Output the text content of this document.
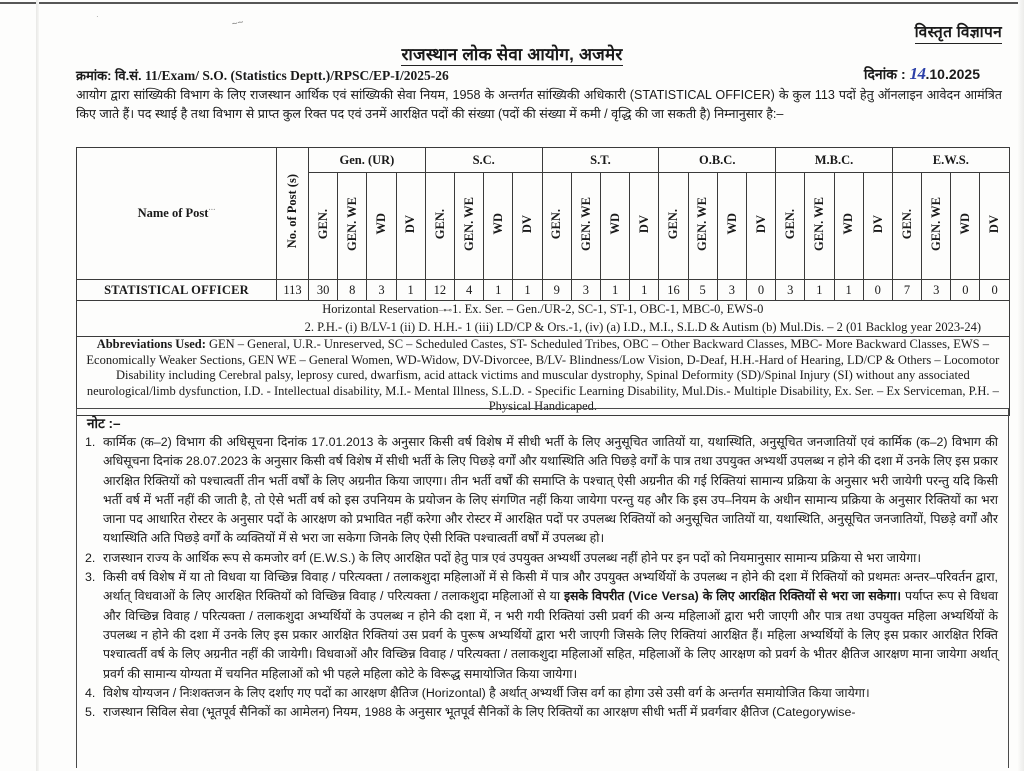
·
~~
विस्तृत विज्ञापन
राजस्थान लोक सेवा आयोग, अजमेर
क्रमांक: वि.सं. 11/Exam/ S.O. (Statistics Deptt.)/RPSC/EP-I/2025-26	दिनांक : 14.10.2025
आयोग द्वारा सांख्यिकी विभाग के लिए राजस्थान आर्थिक एवं सांख्यिकी सेवा नियम, 1958 के अन्तर्गत सांख्यिकी अधिकारी (STATISTICAL OFFICER) के कुल 113 पदों हेतु ऑनलाइन आवेदन आमंत्रित किए जाते हैं। पद स्थाई है तथा विभाग से प्राप्त कुल रिक्त पद एवं उनमें आरक्षित पदों की संख्या (पदों की संख्या में कमी / वृद्धि की जा सकती है) निम्नानुसार है:–
Name of Post···	No. of Post (s)	Gen. (UR)				S.C.				S.T.				O.B.C.				M.B.C.				E.W.S.			
		GEN.	GEN. WE	WD	DV	GEN.	GEN. WE	WD	DV	GEN.	GEN. WE	WD	DV	GEN.	GEN. WE	WD	DV	GEN.	GEN. WE	WD	DV	GEN.	GEN. WE	WD	DV
STATISTICAL OFFICER	113	30	8	3	1	12	4	1	1	9	3	1	1	16	5	3	0	3	1	1	0	7	3	0	0
Horizontal Reservation–⊷1. Ex. Ser. – Gen./UR-2, SC-1, ST-1, OBC-1, MBC-0, EWS-0
2. P.H.- (i) B/LV-1 (ii) D. H.H.- 1 (iii) LD/CP & Ors.-1, (iv) (a) I.D., M.I., S.L.D & Autism (b) Mul.Dis. – 2 (01 Backlog year 2023-24)																									

Abbreviations Used: GEN – General, U.R.- Unreserved, SC – Scheduled Castes, ST- Scheduled Tribes, OBC – Other Backward Classes, MBC- More Backward Classes, EWS – Economically Weaker Sections, GEN WE – General Women, WD-Widow, DV-Divorcee, B/LV- Blindness/Low Vision, D-Deaf, H.H.-Hard of Hearing, LD/CP & Others – Locomotor Disability including Cerebral palsy, leprosy cured, dwarfism, acid attack victims and muscular dystrophy, Spinal Deformity (SD)/Spinal Injury (SI) without any associated neurological/limb dysfunction, I.D. - Intellectual disability, M.I.- Mental Illness, S.L.D. - Specific Learning Disability, Mul.Dis.- Multiple Disability, Ex. Ser. – Ex Serviceman, P.H. – Physical Handicaped.																									
नोट :–
1. कार्मिक (क–2) विभाग की अधिसूचना दिनांक 17.01.2013 के अनुसार किसी वर्ष विशेष में सीधी भर्ती के लिए अनुसूचित जातियों या, यथास्थिति, अनुसूचित जनजातियों एवं कार्मिक (क–2) विभाग की अधिसूचना दिनांक 28.07.2023 के अनुसार किसी वर्ष विशेष में सीधी भर्ती के लिए पिछड़े वर्गों और यथास्थिति अति पिछड़े वर्गों के पात्र तथा उपयुक्त अभ्यर्थी उपलब्ध न होने की दशा में उनके लिए इस प्रकार आरक्षित रिक्तियों को पश्चात्वर्ती तीन भर्ती वर्षों के लिए अग्रनीत किया जाएगा। तीन भर्ती वर्षों की समाप्ति के पश्चात् ऐसी अग्रनीत की गई रिक्तियां सामान्य प्रक्रिया के अनुसार भरी जायेगी परन्तु यदि किसी भर्ती वर्ष में भर्ती नहीं की जाती है, तो ऐसे भर्ती वर्ष को इस उपनियम के प्रयोजन के लिए संगणित नहीं किया जायेगा परन्तु यह और कि इस उप–नियम के अधीन सामान्य प्रक्रिया के अनुसार रिक्तियों का भरा जाना पद आधारित रोस्टर के अनुसार पदों के आरक्षण को प्रभावित नहीं करेगा और रोस्टर में आरक्षित पदों पर उपलब्ध रिक्तियों को अनुसूचित जातियों या, यथास्थिति, अनुसूचित जनजातियों, पिछड़े वर्गों और यथास्थिति अति पिछड़े वर्गों के व्यक्तियों में से भरा जा सकेगा जिनके लिए ऐसी रिक्ति पश्चात्वर्ती वर्षों में उपलब्ध हो।
2. राजस्थान राज्य के आर्थिक रूप से कमजोर वर्ग (E.W.S.) के लिए आरक्षित पदों हेतु पात्र एवं उपयुक्त अभ्यर्थी उपलब्ध नहीं होने पर इन पदों को नियमानुसार सामान्य प्रक्रिया से भरा जायेगा।
3. किसी वर्ष विशेष में या तो विधवा या विच्छिन्न विवाह / परित्यक्ता / तलाकशुदा महिलाओं में से किसी में पात्र और उपयुक्त अभ्यर्थियों के उपलब्ध न होने की दशा में रिक्तियों को प्रथमतः अन्तर–परिवर्तन द्वारा, अर्थात् विधवाओं के लिए आरक्षित रिक्तियों को विच्छिन्न विवाह / परित्यक्ता / तलाकशुदा महिलाओं से या इसके विपरीत (Vice Versa) के लिए आरक्षित रिक्तियों से भरा जा सकेगा। पर्याप्त रूप से विधवा और विच्छिन्न विवाह / परित्यक्ता / तलाकशुदा अभ्यर्थियों के उपलब्ध न होने की दशा में, न भरी गयी रिक्तियां उसी प्रवर्ग की अन्य महिलाओं द्वारा भरी जाएगी और पात्र तथा उपयुक्त महिला अभ्यर्थियों के उपलब्ध न होने की दशा में उनके लिए इस प्रकार आरक्षित रिक्तियां उस प्रवर्ग के पुरूष अभ्यर्थियों द्वारा भरी जाएगी जिसके लिए रिक्तियां आरक्षित हैं। महिला अभ्यर्थियों के लिए इस प्रकार आरक्षित रिक्ति पश्चात्वर्ती वर्ष के लिए अग्रनीत नहीं की जायेगी। विधवाओं और विच्छिन्न विवाह / परित्यक्ता / तलाकशुदा महिलाओं सहित, महिलाओं के लिए आरक्षण को प्रवर्ग के भीतर क्षैतिज आरक्षण माना जायेगा अर्थात् प्रवर्ग की सामान्य योग्यता में चयनित महिलाओं को भी पहले महिला कोटे के विरूद्ध समायोजित किया जायेगा।
4. विशेष योग्यजन / निःशक्तजन के लिए दर्शाए गए पदों का आरक्षण क्षैतिज (Horizontal) है अर्थात् अभ्यर्थी जिस वर्ग का होगा उसे उसी वर्ग के अन्तर्गत समायोजित किया जायेगा।
5. राजस्थान सिविल सेवा (भूतपूर्व सैनिकों का आमेलन) नियम, 1988 के अनुसार भूतपूर्व सैनिकों के लिए रिक्तियों का आरक्षण सीधी भर्ती में प्रवर्गवार क्षैतिज (Categorywise-
